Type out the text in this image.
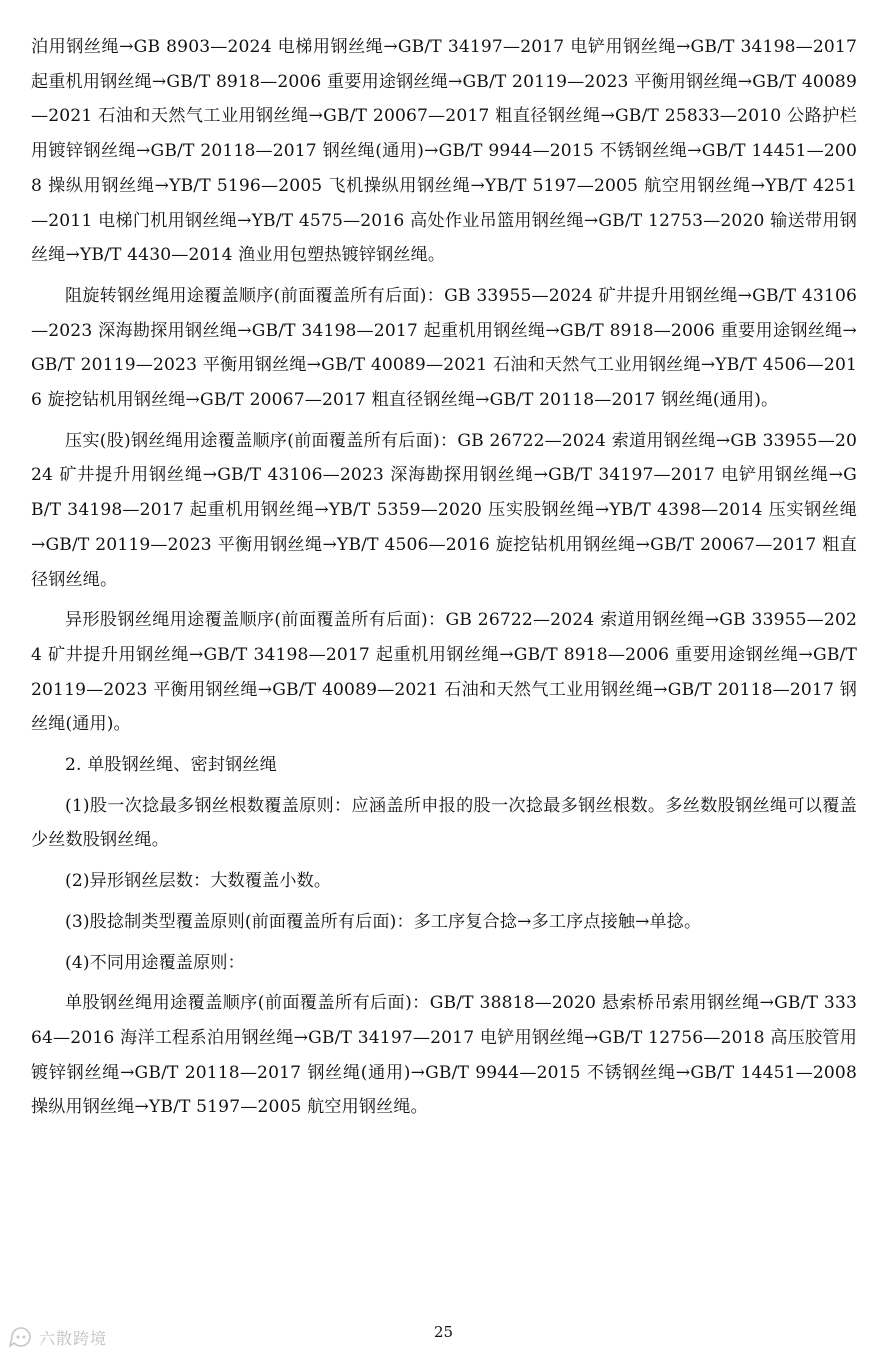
泊用钢丝绳→GB 8903—2024 电梯用钢丝绳→GB/T 34197—2017 电铲用钢丝绳→GB/T 34198—2017 起重机用钢丝绳→GB/T 8918—2006 重要用途钢丝绳→GB/T 20119—2023 平衡用钢丝绳→GB/T 40089—2021 石油和天然气工业用钢丝绳→GB/T 20067—2017 粗直径钢丝绳→GB/T 25833—2010 公路护栏用镀锌钢丝绳→GB/T 20118—2017 钢丝绳(通用)→GB/T 9944—2015 不锈钢丝绳→GB/T 14451—2008 操纵用钢丝绳→YB/T 5196—2005 飞机操纵用钢丝绳→YB/T 5197—2005 航空用钢丝绳→YB/T 4251—2011 电梯门机用钢丝绳→YB/T 4575—2016 高处作业吊篮用钢丝绳→GB/T 12753—2020 输送带用钢丝绳→YB/T 4430—2014 渔业用包塑热镀锌钢丝绳。

阻旋转钢丝绳用途覆盖顺序(前面覆盖所有后面)：GB 33955—2024 矿井提升用钢丝绳→GB/T 43106—2023 深海勘探用钢丝绳→GB/T 34198—2017 起重机用钢丝绳→GB/T 8918—2006 重要用途钢丝绳→GB/T 20119—2023 平衡用钢丝绳→GB/T 40089—2021 石油和天然气工业用钢丝绳→YB/T 4506—2016 旋挖钻机用钢丝绳→GB/T 20067—2017 粗直径钢丝绳→GB/T 20118—2017 钢丝绳(通用)。

压实(股)钢丝绳用途覆盖顺序(前面覆盖所有后面)：GB 26722—2024 索道用钢丝绳→GB 33955—2024 矿井提升用钢丝绳→GB/T 43106—2023 深海勘探用钢丝绳→GB/T 34197—2017 电铲用钢丝绳→GB/T 34198—2017 起重机用钢丝绳→YB/T 5359—2020 压实股钢丝绳→YB/T 4398—2014 压实钢丝绳→GB/T 20119—2023 平衡用钢丝绳→YB/T 4506—2016 旋挖钻机用钢丝绳→GB/T 20067—2017 粗直径钢丝绳。

异形股钢丝绳用途覆盖顺序(前面覆盖所有后面)：GB 26722—2024 索道用钢丝绳→GB 33955—2024 矿井提升用钢丝绳→GB/T 34198—2017 起重机用钢丝绳→GB/T 8918—2006 重要用途钢丝绳→GB/T 20119—2023 平衡用钢丝绳→GB/T 40089—2021 石油和天然气工业用钢丝绳→GB/T 20118—2017 钢丝绳(通用)。

2. 单股钢丝绳、密封钢丝绳

(1)股一次捻最多钢丝根数覆盖原则：应涵盖所申报的股一次捻最多钢丝根数。多丝数股钢丝绳可以覆盖少丝数股钢丝绳。

(2)异形钢丝层数：大数覆盖小数。

(3)股捻制类型覆盖原则(前面覆盖所有后面)：多工序复合捻→多工序点接触→单捻。

(4)不同用途覆盖原则：

单股钢丝绳用途覆盖顺序(前面覆盖所有后面)：GB/T 38818—2020 悬索桥吊索用钢丝绳→GB/T 33364—2016 海洋工程系泊用钢丝绳→GB/T 34197—2017 电铲用钢丝绳→GB/T 12756—2018 高压胶管用镀锌钢丝绳→GB/T 20118—2017 钢丝绳(通用)→GB/T 9944—2015 不锈钢丝绳→GB/T 14451—2008 操纵用钢丝绳→YB/T 5197—2005 航空用钢丝绳。

25
六散跨境
